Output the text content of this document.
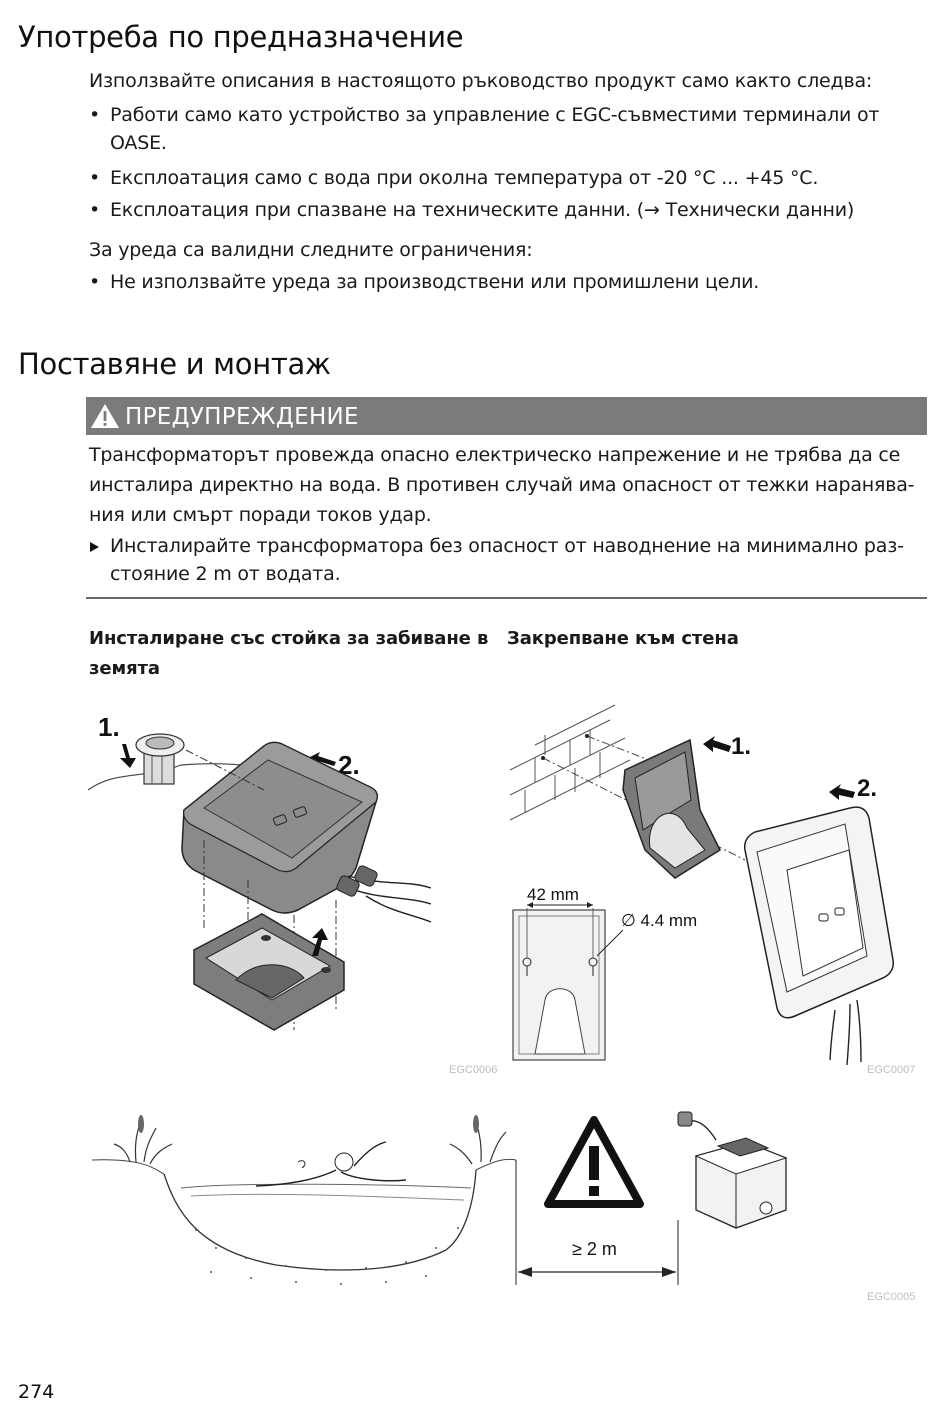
Употреба по предназначение

Използвайте описания в настоящото ръководство продукт само както следва:

• Работи само като устройство за управление с EGC-съвместими терминали от
OASE.
• Експлоатация само с вода при околна температура от -20 °C ... +45 °C.
• Експлоатация при спазване на техническите данни. (→ Технически данни)

За уреда са валидни следните ограничения:

• Не използвайте уреда за производствени или промишлени цели.
Поставяне и монтаж
ПРЕДУПРЕЖДЕНИЕ

Трансформаторът провежда опасно електрическо напрежение и не трябва да се

инсталира директно на вода. В противен случай има опасност от тежки наранява-

ния или смърт поради токов удар.

Инсталирайте трансформатора без опасност от наводнение на минимално раз-
стояние 2 m от водата.
Инсталиране със стойка за забиване в
земята
Закрепване към стена
1.
2.
EGC0006
1.
2.
42 mm
∅ 4.4 mm
EGC0007
≥ 2 m
EGC0005
274
